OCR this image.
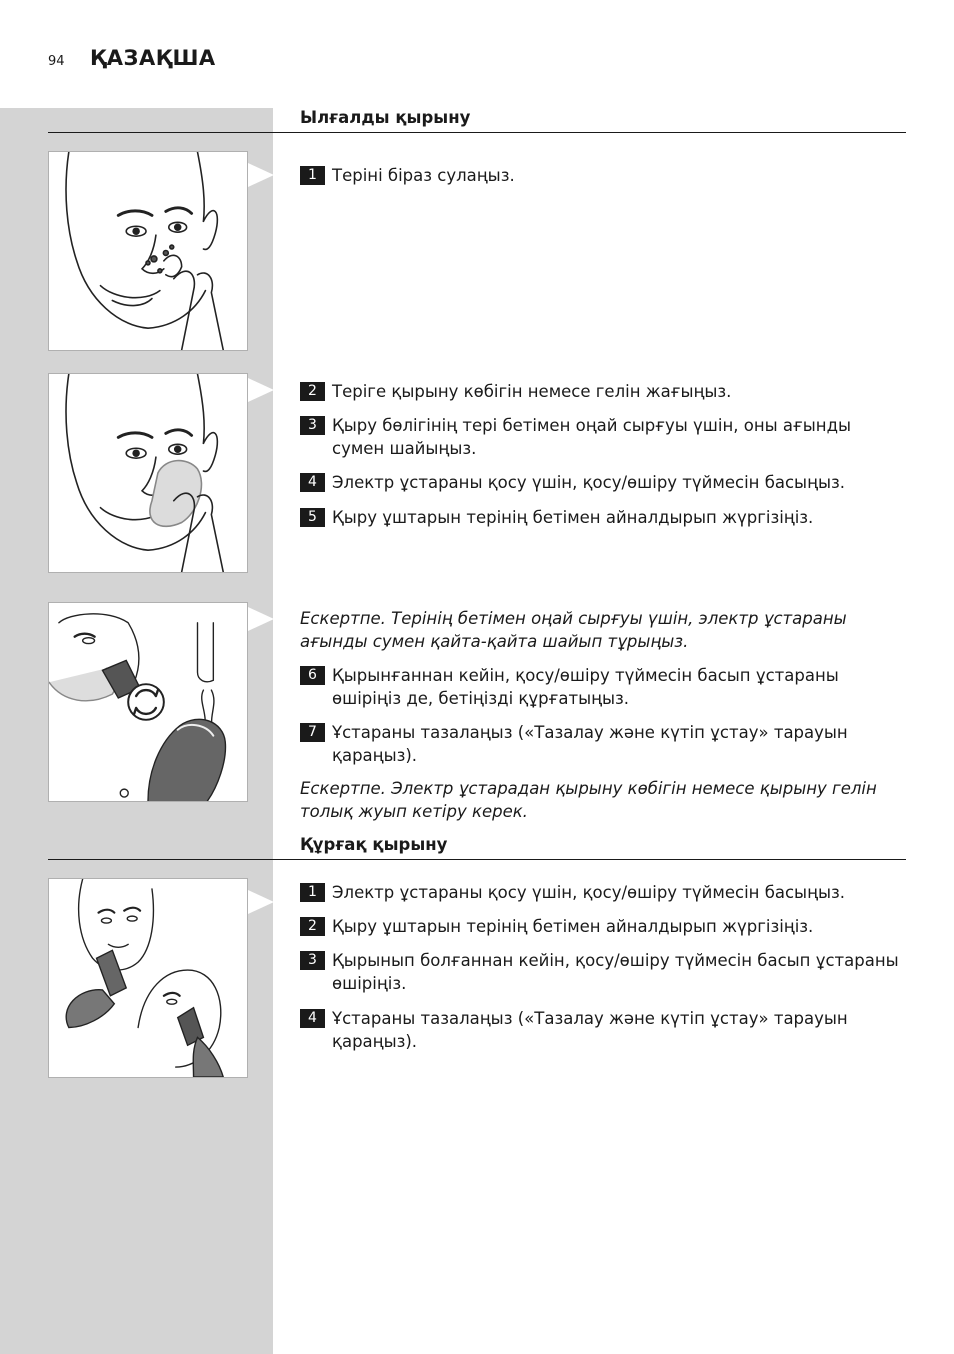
94 ҚАЗАҚША
Ылғалды қырыну
1 Теріні біраз сулаңыз.
2 Теріге қырыну көбігін немесе гелін жағыңыз.
3 Қыру бөлігінің тері бетімен оңай сырғуы үшін, оны ағынды сумен шайыңыз.
4 Электр ұстараны қосу үшін, қосу/өшіру түймесін басыңыз.
5 Қыру ұштарын терінің бетімен айналдырып жүргізіңіз.
Ескертпе. Терінің бетімен оңай сырғуы үшін, электр ұстараны ағынды сумен қайта-қайта шайып тұрыңыз.
6 Қырынғаннан кейін, қосу/өшіру түймесін басып ұстараны өшіріңіз де, бетіңізді құрғатыңыз.
7 Ұстараны тазалаңыз («Тазалау және күтіп ұстау» тарауын қараңыз).
Ескертпе. Электр ұстарадан қырыну көбігін немесе қырыну гелін толық жуып кетіру керек.
Құрғақ қырыну
1 Электр ұстараны қосу үшін, қосу/өшіру түймесін басыңыз.
2 Қыру ұштарын терінің бетімен айналдырып жүргізіңіз.
3 Қырынып болғаннан кейін, қосу/өшіру түймесін басып ұстараны өшіріңіз.
4 Ұстараны тазалаңыз («Тазалау және күтіп ұстау» тарауын қараңыз).
